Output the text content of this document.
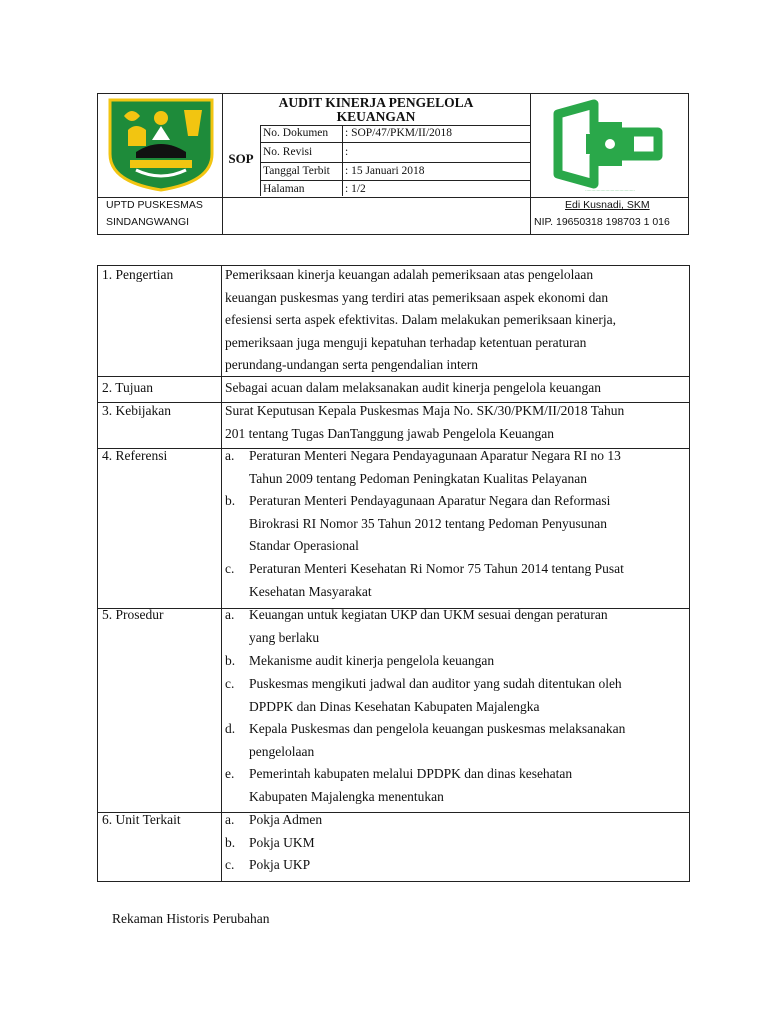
AUDIT KINERJA PENGELOLA
KEUANGAN
SOP
No. Dokumen : SOP/47/PKM/II/2018
No. Revisi	:
Tanggal Terbit : 15 Januari 2018
Halaman	: 1/2	.......................................
UPTD PUSKESMAS
SINDANGWANGI
Edi Kusnadi, SKM
NIP. 19650318 198703 1 016
1. Pengertian	Pemeriksaan kinerja keuangan adalah pemeriksaan atas pengelolaan
keuangan puskesmas yang terdiri atas pemeriksaan aspek ekonomi dan
efesiensi serta aspek efektivitas. Dalam melakukan pemeriksaan kinerja,
pemeriksaan juga menguji kepatuhan terhadap ketentuan peraturan
perundang-undangan serta pengendalian intern
2. Tujuan	Sebagai acuan dalam melaksanakan audit kinerja pengelola keuangan
3. Kebijakan	Surat Keputusan Kepala Puskesmas Maja No. SK/30/PKM/II/2018 Tahun
201 tentang Tugas DanTanggung jawab Pengelola Keuangan
4. Referensi	a.	Peraturan Menteri Negara Pendayagunaan Aparatur Negara RI no 13
Tahun 2009 tentang Pedoman Peningkatan Kualitas Pelayanan
b.	Peraturan Menteri Pendayagunaan Aparatur Negara dan Reformasi
Birokrasi RI Nomor 35 Tahun 2012 tentang Pedoman Penyusunan
Standar Operasional
c.	Peraturan Menteri Kesehatan Ri Nomor 75 Tahun 2014 tentang Pusat
Kesehatan Masyarakat
5. Prosedur	a.	Keuangan untuk kegiatan UKP dan UKM sesuai dengan peraturan
yang berlaku
b.	Mekanisme audit kinerja pengelola keuangan
c.	Puskesmas mengikuti jadwal dan auditor yang sudah ditentukan oleh
DPDPK dan Dinas Kesehatan Kabupaten Majalengka
d.	Kepala Puskesmas dan pengelola keuangan puskesmas melaksanakan
pengelolaan
e.	Pemerintah kabupaten melalui DPDPK dan dinas kesehatan
Kabupaten Majalengka menentukan
6. Unit Terkait	a.	Pokja Admen
b.	Pokja UKM
c.	Pokja UKP
Rekaman Historis Perubahan
